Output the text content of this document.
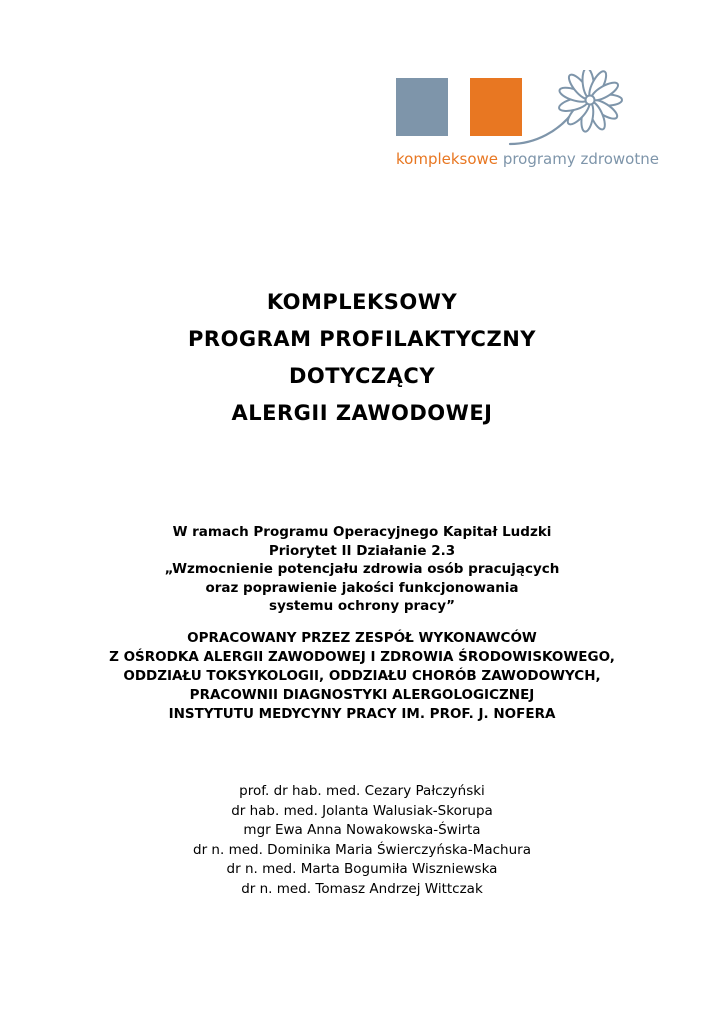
kompleksowe programy zdrowotne
KOMPLEKSOWY
PROGRAM PROFILAKTYCZNY
DOTYCZĄCY
ALERGII ZAWODOWEJ
W ramach Programu Operacyjnego Kapitał Ludzki
Priorytet II Działanie 2.3
„Wzmocnienie potencjału zdrowia osób pracujących
oraz poprawienie jakości funkcjonowania
systemu ochrony pracy”
OPRACOWANY PRZEZ ZESPÓŁ WYKONAWCÓW
Z OŚRODKA ALERGII ZAWODOWEJ I ZDROWIA ŚRODOWISKOWEGO,
ODDZIAŁU TOKSYKOLOGII, ODDZIAŁU CHORÓB ZAWODOWYCH,
PRACOWNII DIAGNOSTYKI ALERGOLOGICZNEJ
INSTYTUTU MEDYCYNY PRACY IM. PROF. J. NOFERA
prof. dr hab. med. Cezary Pałczyński
dr hab. med. Jolanta Walusiak-Skorupa
mgr Ewa Anna Nowakowska-Świrta
dr n. med. Dominika Maria Świerczyńska-Machura
dr n. med. Marta Bogumiła Wiszniewska
dr n. med. Tomasz Andrzej Wittczak
